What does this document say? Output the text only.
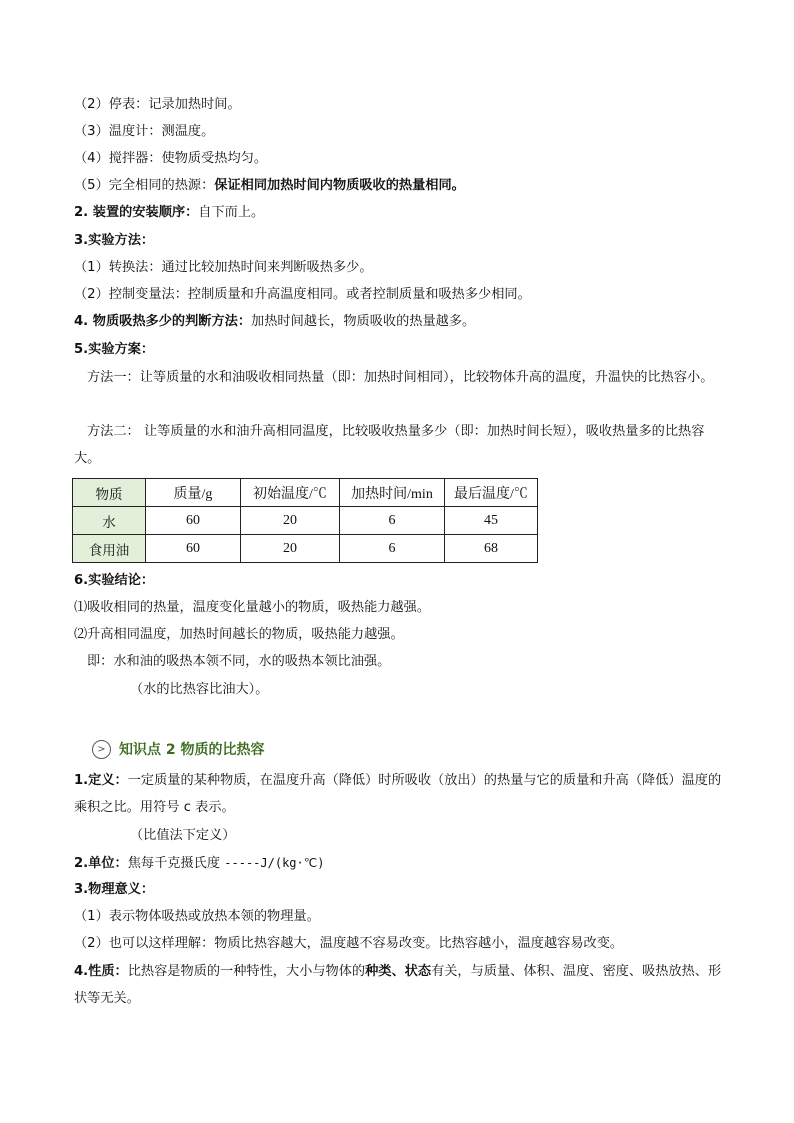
（2）停表：记录加热时间。
（3）温度计：测温度。
（4）搅拌器：使物质受热均匀。
（5）完全相同的热源：保证相同加热时间内物质吸收的热量相同。
2. 装置的安装顺序：自下而上。
3.实验方法：
（1）转换法：通过比较加热时间来判断吸热多少。
（2）控制变量法：控制质量和升高温度相同。或者控制质量和吸热多少相同。
4. 物质吸热多少的判断方法：加热时间越长，物质吸收的热量越多。
5.实验方案：
方法一：让等质量的水和油吸收相同热量（即：加热时间相同），比较物体升高的温度，升温快的比热容小。
方法二： 让等质量的水和油升高相同温度，比较吸收热量多少（即：加热时间长短），吸收热量多的比热容大。
物质	质量/g	初始温度/℃	加热时间/min	最后温度/℃
水	60	20	6	45
食用油	60	20	6	68
6.实验结论：
⑴吸收相同的热量，温度变化量越小的物质，吸热能力越强。
⑵升高相同温度，加热时间越长的物质，吸热能力越强。
即：水和油的吸热本领不同，水的吸热本领比油强。
（水的比热容比油大）。
> 知识点 2 物质的比热容
1.定义：一定质量的某种物质，在温度升高（降低）时所吸收（放出）的热量与它的质量和升高（降低）温度的乘积之比。用符号 c 表示。
（比值法下定义）
2.单位：焦每千克摄氏度 -----J/(kg·℃)
3.物理意义：
（1）表示物体吸热或放热本领的物理量。
（2）也可以这样理解：物质比热容越大，温度越不容易改变。比热容越小，温度越容易改变。
4.性质：比热容是物质的一种特性，大小与物体的种类、状态有关，与质量、体积、温度、密度、吸热放热、形状等无关。
